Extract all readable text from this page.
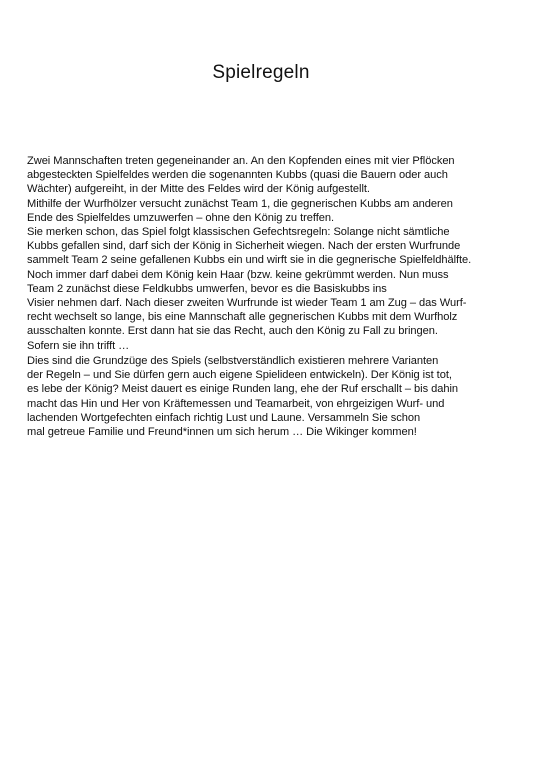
Spielregeln
Zwei Mannschaften treten gegeneinander an. An den Kopfenden eines mit vier Pflöcken
abgesteckten Spielfeldes werden die sogenannten Kubbs (quasi die Bauern oder auch
Wächter) aufgereiht, in der Mitte des Feldes wird der König aufgestellt.
Mithilfe der Wurfhölzer versucht zunächst Team 1, die gegnerischen Kubbs am anderen
Ende des Spielfeldes umzuwerfen – ohne den König zu treffen.
Sie merken schon, das Spiel folgt klassischen Gefechtsregeln: Solange nicht sämtliche
Kubbs gefallen sind, darf sich der König in Sicherheit wiegen. Nach der ersten Wurfrunde
sammelt Team 2 seine gefallenen Kubbs ein und wirft sie in die gegnerische Spielfeldhälfte.
Noch immer darf dabei dem König kein Haar (bzw. keine gekrümmt werden. Nun muss
Team 2 zunächst diese Feldkubbs umwerfen, bevor es die Basiskubbs ins
Visier nehmen darf. Nach dieser zweiten Wurfrunde ist wieder Team 1 am Zug – das Wurf-
recht wechselt so lange, bis eine Mannschaft alle gegnerischen Kubbs mit dem Wurfholz
ausschalten konnte. Erst dann hat sie das Recht, auch den König zu Fall zu bringen.
Sofern sie ihn trifft …
Dies sind die Grundzüge des Spiels (selbstverständlich existieren mehrere Varianten
der Regeln – und Sie dürfen gern auch eigene Spielideen entwickeln). Der König ist tot,
es lebe der König? Meist dauert es einige Runden lang, ehe der Ruf erschallt – bis dahin
macht das Hin und Her von Kräftemessen und Teamarbeit, von ehrgeizigen Wurf- und
lachenden Wortgefechten einfach richtig Lust und Laune. Versammeln Sie schon
mal getreue Familie und Freund*innen um sich herum … Die Wikinger kommen!
